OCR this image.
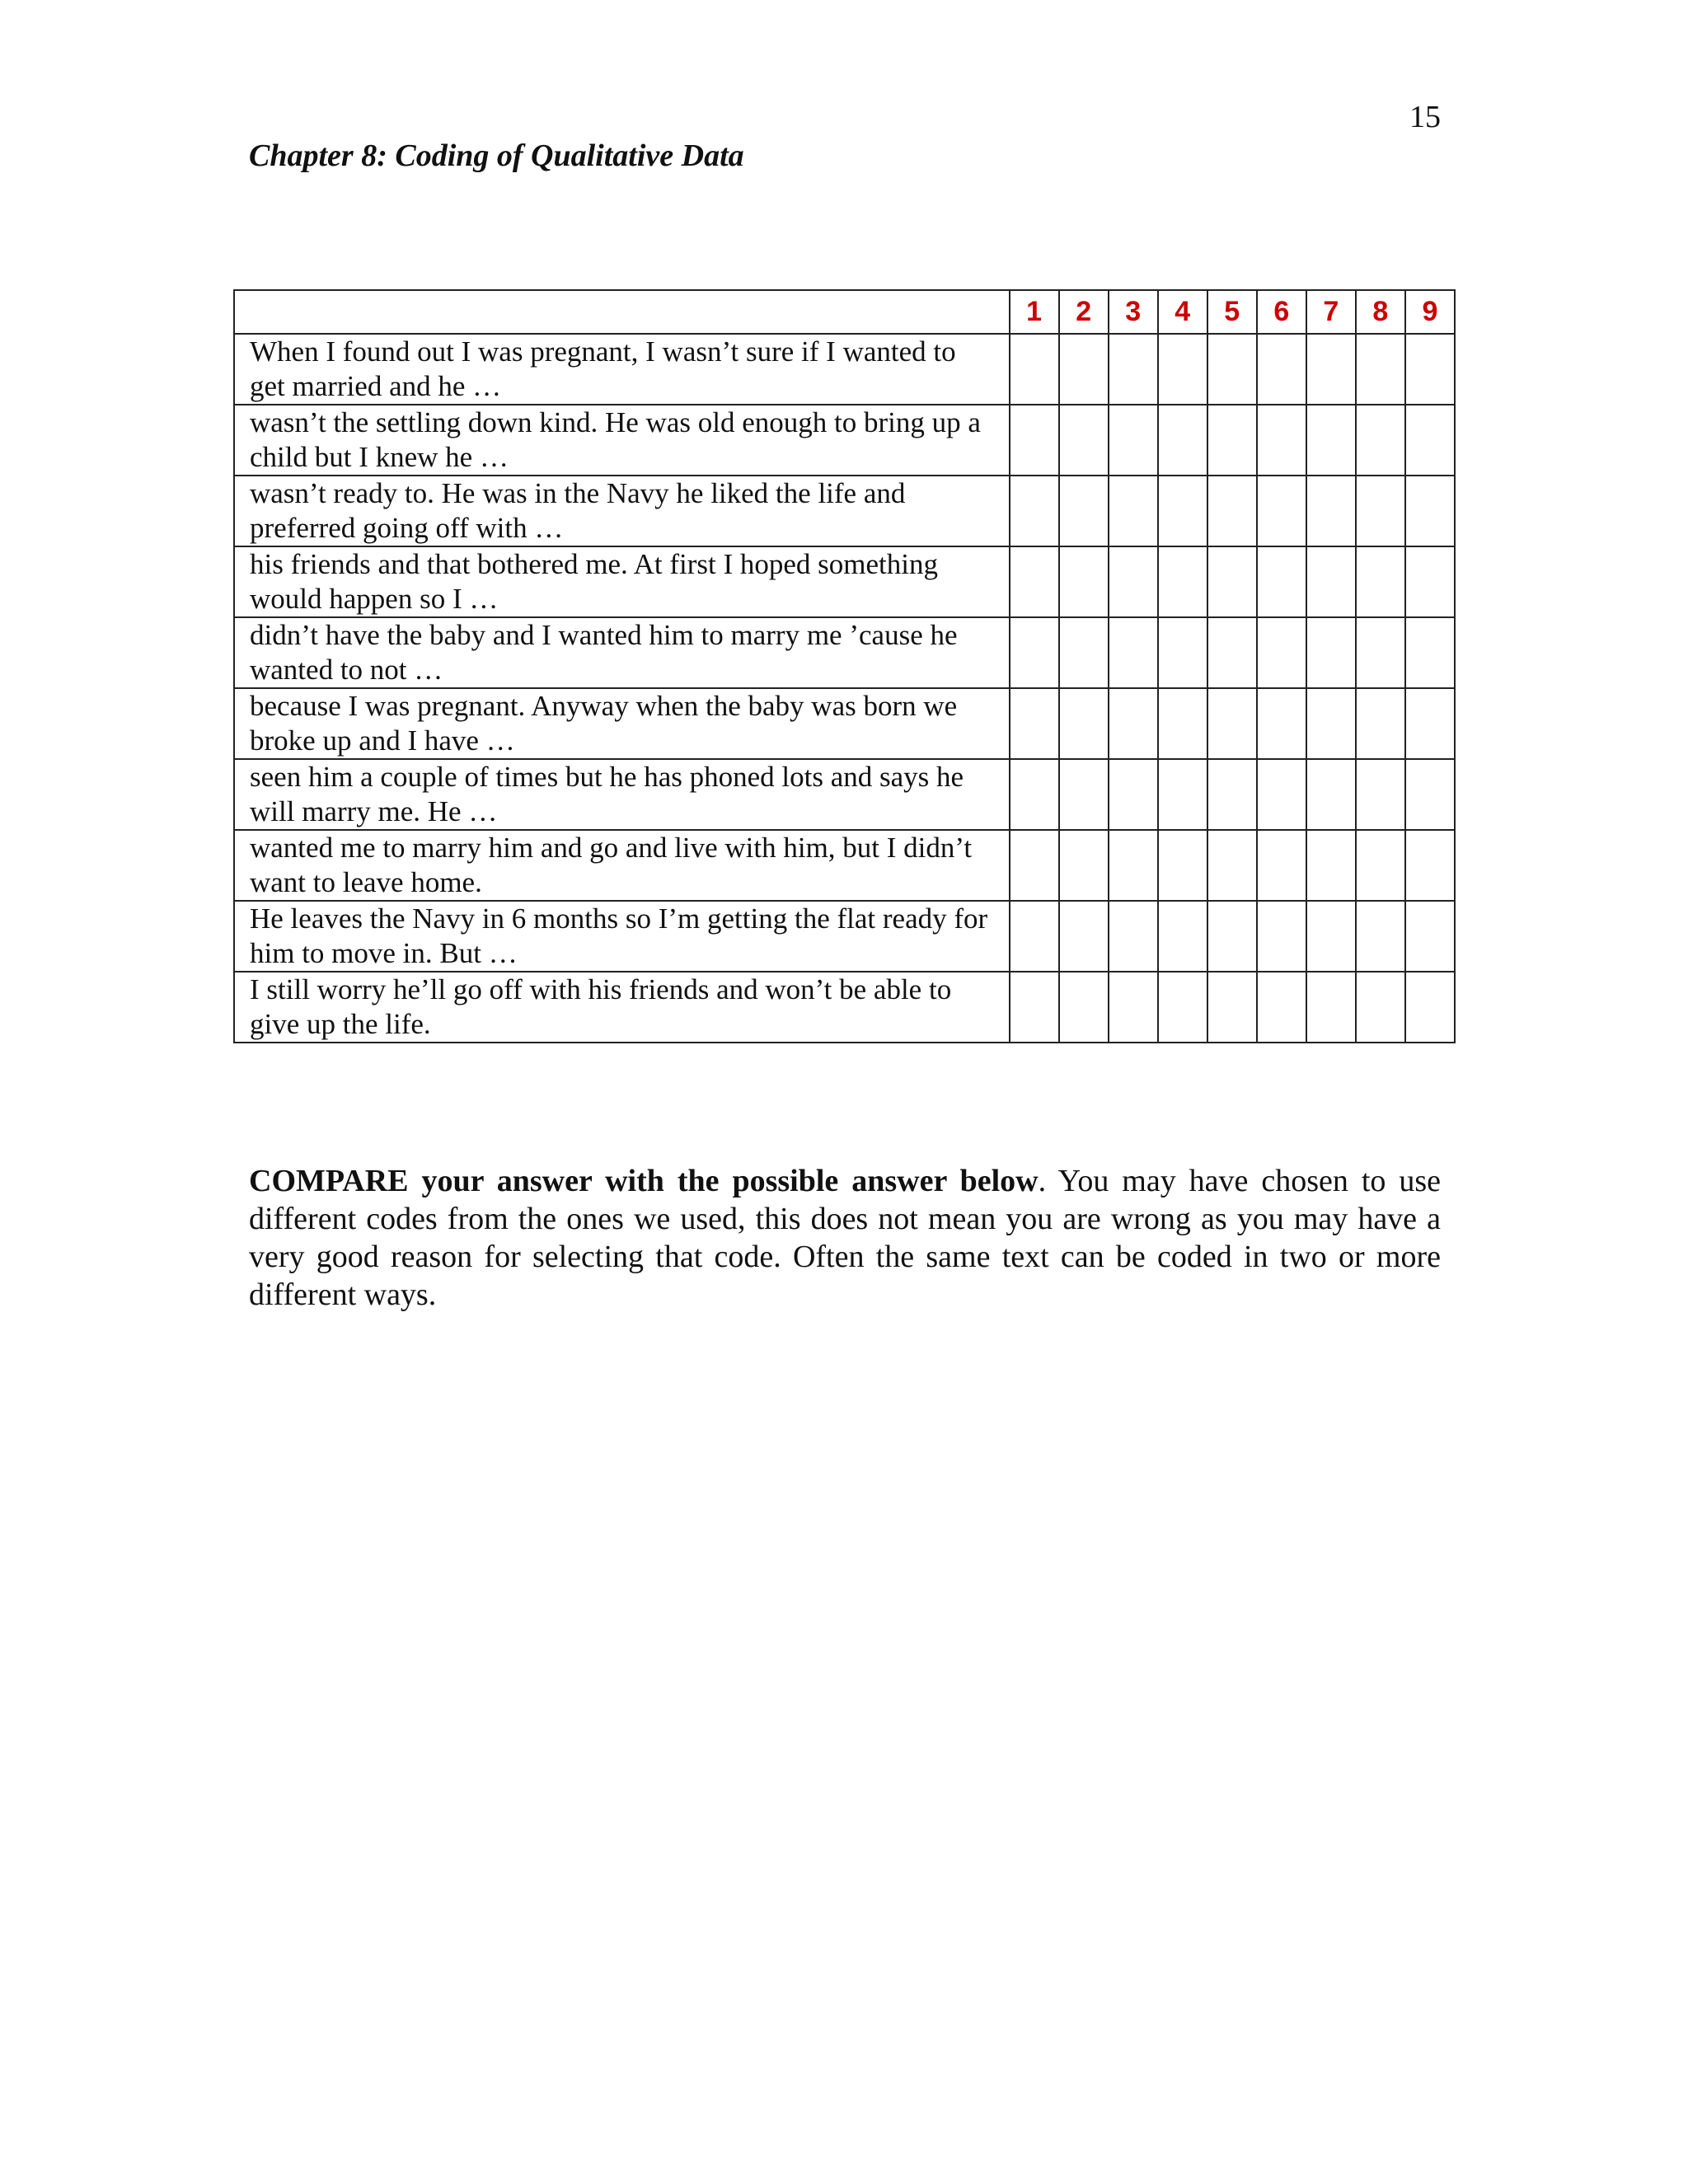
15
Chapter 8: Coding of Qualitative Data
	1	2	3	4	5	6	7	8	9
When I found out I was pregnant, I wasn’t sure if I wanted to get married and he …									
wasn’t the settling down kind. He was old enough to bring up a child but I knew he …									
wasn’t ready to. He was in the Navy he liked the life and preferred going off with …									
his friends and that bothered me. At first I hoped something would happen so I …									
didn’t have the baby and I wanted him to marry me ’cause he wanted to not …									
because I was pregnant. Anyway when the baby was born we broke up and I have …									
seen him a couple of times but he has phoned lots and says he will marry me. He …									
wanted me to marry him and go and live with him, but I didn’t want to leave home.									
He leaves the Navy in 6 months so I’m getting the flat ready for him to move in. But …									
I still worry he’ll go off with his friends and won’t be able to give up the life.									

COMPARE your answer with the possible answer below. You may have chosen to use different codes from the ones we used, this does not mean you are wrong as you may have a very good reason for selecting that code. Often the same text can be coded in two or more different ways.
